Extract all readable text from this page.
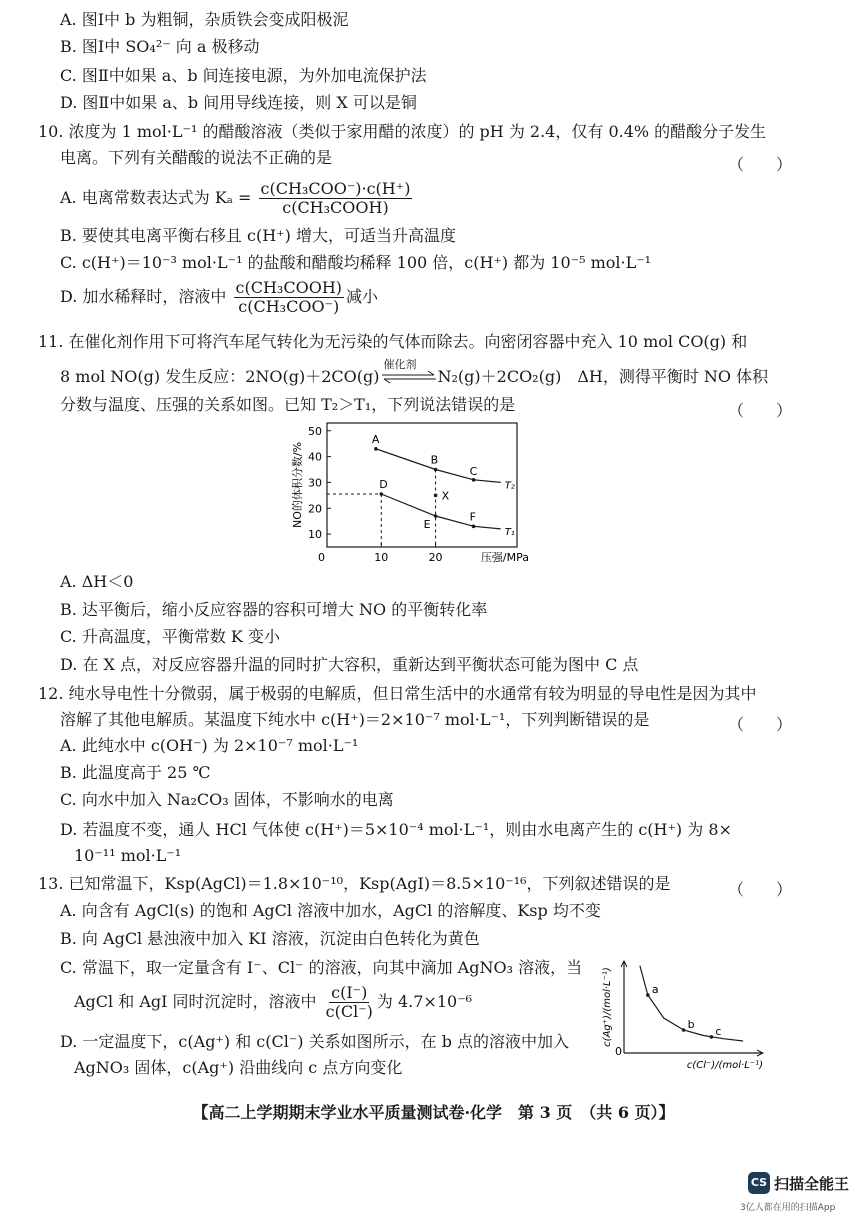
A. 图Ⅰ中 b 为粗铜，杂质铁会变成阳极泥
B. 图Ⅰ中 SO₄²⁻ 向 a 极移动
C. 图Ⅱ中如果 a、b 间连接电源，为外加电流保护法
D. 图Ⅱ中如果 a、b 间用导线连接，则 X 可以是铜
10. 浓度为 1 mol·L⁻¹ 的醋酸溶液（类似于家用醋的浓度）的 pH 为 2.4，仅有 0.4% 的醋酸分子发生
电离。下列有关醋酸的说法不正确的是	（　　）
A. 电离常数表达式为 $K_a = \frac{\text{c(CH₃COO⁻)·c(H⁺)}}{\text{c(CH₃COOH)}}$
B. 要使其电离平衡右移且 c(H⁺) 增大，可适当升高温度
C. c(H⁺)＝10⁻³ mol·L⁻¹ 的盐酸和醋酸均稀释 100 倍，c(H⁺) 都为 10⁻⁵ mol·L⁻¹
D. 加水稀释时，溶液中 $\frac{\text{c(CH₃COOH)}}{\text{c(CH₃COO⁻)}}$ 减小
11. 在催化剂作用下可将汽车尾气转化为无污染的气体而除去。向密闭容器中充入 10 mol CO(g) 和
8 mol NO(g) 发生反应：2NO(g)＋2CO(g)
催化剂
N₂(g)＋2CO₂(g)　ΔH，测得平衡时 NO 体积
分数与温度、压强的关系如图。已知 T₂＞T₁，下列说法错误的是	（　　）
10
20
30
40
50
10	20
0	压强/MPa
NO的体积分数/%	T₂
T₁
A
B
C
D
E
F
X
A. ΔH＜0
B. 达平衡后，缩小反应容器的容积可增大 NO 的平衡转化率
C. 升高温度，平衡常数 K 变小
D. 在 X 点，对反应容器升温的同时扩大容积，重新达到平衡状态可能为图中 C 点
12. 纯水导电性十分微弱，属于极弱的电解质，但日常生活中的水通常有较为明显的导电性是因为其中
溶解了其他电解质。某温度下纯水中 c(H⁺)＝2×10⁻⁷ mol·L⁻¹，下列判断错误的是	（　　）
A. 此纯水中 c(OH⁻) 为 2×10⁻⁷ mol·L⁻¹
B. 此温度高于 25 ℃
C. 向水中加入 Na₂CO₃ 固体，不影响水的电离
D. 若温度不变，通人 HCl 气体使 c(H⁺)＝5×10⁻⁴ mol·L⁻¹，则由水电离产生的 c(H⁺) 为 8×
10⁻¹¹ mol·L⁻¹
13. 已知常温下，Ksp(AgCl)＝1.8×10⁻¹⁰，Ksp(AgI)＝8.5×10⁻¹⁶，下列叙述错误的是	（　　）
A. 向含有 AgCl(s) 的饱和 AgCl 溶液中加水，AgCl 的溶解度、Ksp 均不变
B. 向 AgCl 悬浊液中加入 KI 溶液，沉淀由白色转化为黄色
C. 常温下，取一定量含有 I⁻、Cl⁻ 的溶液，向其中滴加 AgNO₃ 溶液，当
AgCl 和 AgI 同时沉淀时，溶液中 $\frac{c(I^-)}{c(Cl^-)}$ 为 4.7×10⁻⁶
D. 一定温度下，c(Ag⁺) 和 c(Cl⁻) 关系如图所示，在 b 点的溶液中加入
AgNO₃ 固体，c(Ag⁺) 沿曲线向 c 点方向变化
0
c(Cl⁻)/(mol·L⁻¹)
c(Ag⁺)/(mol·L⁻¹)	a
b
c
【高二上学期期末学业水平质量测试卷·化学　第 3 页　（共 6 页）】
CS 扫描全能王
3亿人都在用的扫描App
